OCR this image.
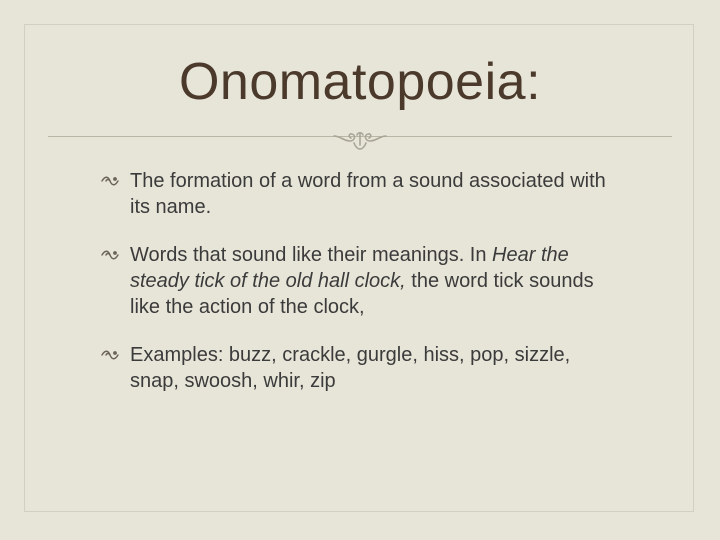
Onomatopoeia:
The formation of a word from a sound associated with its name.
Words that sound like their meanings. In Hear the steady tick of the old hall clock, the word tick sounds like the action of the clock,
Examples: buzz, crackle, gurgle, hiss, pop, sizzle, snap, swoosh, whir, zip
